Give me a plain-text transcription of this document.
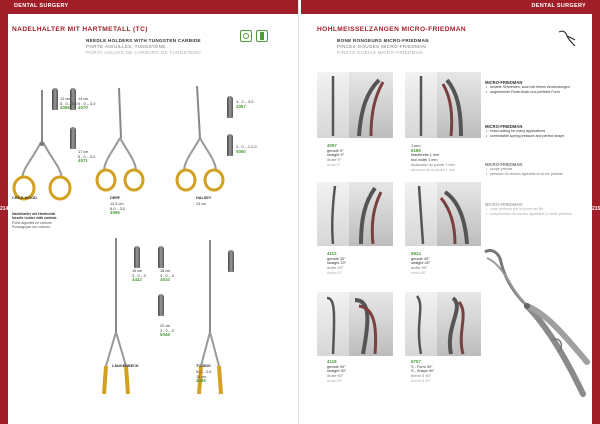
DENTAL SURGERY
214
NADELHALTER MIT HARTMETALL (TC)
NEEDLE HOLDERS WITH TUNGSTEN CARBIDE
PORTE-AIGUILLES, TUNGSTÈNE
PORTA AGUJAS DE CARBURO DE TUNGSTENO
12 cm
5 - 0 – 3-0
4068
14 cm
5 - 0 – 3-0
4070
17 cm
5 - 0 – 3-0
4071
CRILE-WOOD
Nadelhalter mit Hartmetall
Needle holder with carbide
Porte-aiguilles en carbure
Portaagujas con carburo
DERF
12,5 cm
6-0 – 3-0
4096
4 - 0 – 3-0
4067
3 - 0 – 1.2-0
5050
HALSEY
13 cm
15 cm
3 - 0 – 0
4442
18 cm
3 - 0 – 0
4510
20 cm
3 - 0 – 0
5048
LANGENBECK	TC-BNO
5-0 – 3-0
13 cm
4585
DENTAL SURGERY
215
HOHLMEISSELZANGEN MICRO-FRIEDMAN
BONE RONGEURS MICRO-FRIEDMAN
PINCES GOUGES MICRO-FRIEDMAN
PINZAS GUBIAS MICRO-FRIEDMAN
4097
gerade 9°
straight 9°
droite 9°
recta 9°
1 mm
6186
Maulbreite 1 mm
tool width 1 mm
épaisseur du pointe 1 mm
anchura de la punta 1 mm
4112
gerade 20°
straight 20°
droite 20°
recta 20°
6814
gerade 45°
straight 45°
droite 45°
recta 45°
4118
gerade 90°
straight 90°
droite 90°
recta 90°
6707
S - Form 90°
S - Shape 90°
forme S 90°
forma S 90°
MICRO-FRIEDMAN
• scharfe Schneiden, auch bei feinen Anwendungen
• angenehmer Federdruck und perfekte Form
MICRO-FRIEDMAN
• exact cutting for many applications
• comfortable spring pressure and perfect shape
MICRO-FRIEDMAN
• coupe précise
• pression du ressort agréable et forme parfaite
MICRO-FRIEDMAN
• corte perfecto por la punta del filo
• comprensión del muelle agradable y modo perfecto
